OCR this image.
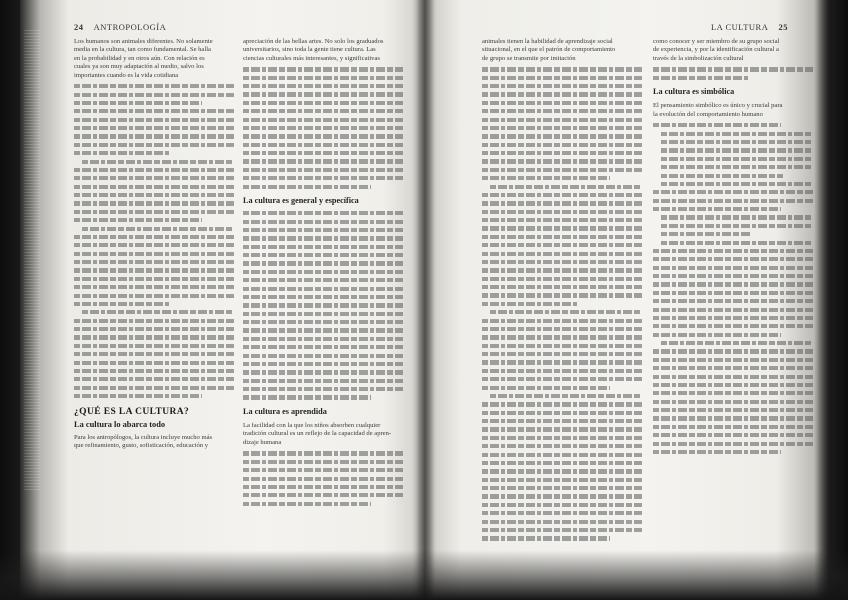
24 ANTROPOLOGÍA
Los humanos son animales diferentes. No solamente
media en la cultura, tan como fundamental. Se halla
en la probabilidad y en otros aún. Con relación es
cuales ya son muy adaptación al medio, salvo los
importantes cuando es la vida cotidiana
¿QUÉ ES LA CULTURA?
La cultura lo abarca todo
Para los antropólogos, la cultura incluye mucho más
que refinamiento, gusto, sofisticación, educación y
apreciación de las bellas artes. No solo los graduados
universitarios, sino toda la gente tiene cultura. Las
ciencias culturales más interesantes, y significativas
La cultura es general y específica
La cultura es aprendida
La facilidad con la que los niños absorben cualquier
tradición cultural es un reflejo de la capacidad de apren-
dizaje humana
LA CULTURA 25
animales tienen la habilidad de aprendizaje social
situacional, en el que el patrón de comportamiento
de grupo se transmite por imitación
como conocer y ser miembro de su grupo social
de experiencia, y por la identificación cultural a
través de la simbolización cultural
La cultura es simbólica
El pensamiento simbólico es único y crucial para
la evolución del comportamiento humano
